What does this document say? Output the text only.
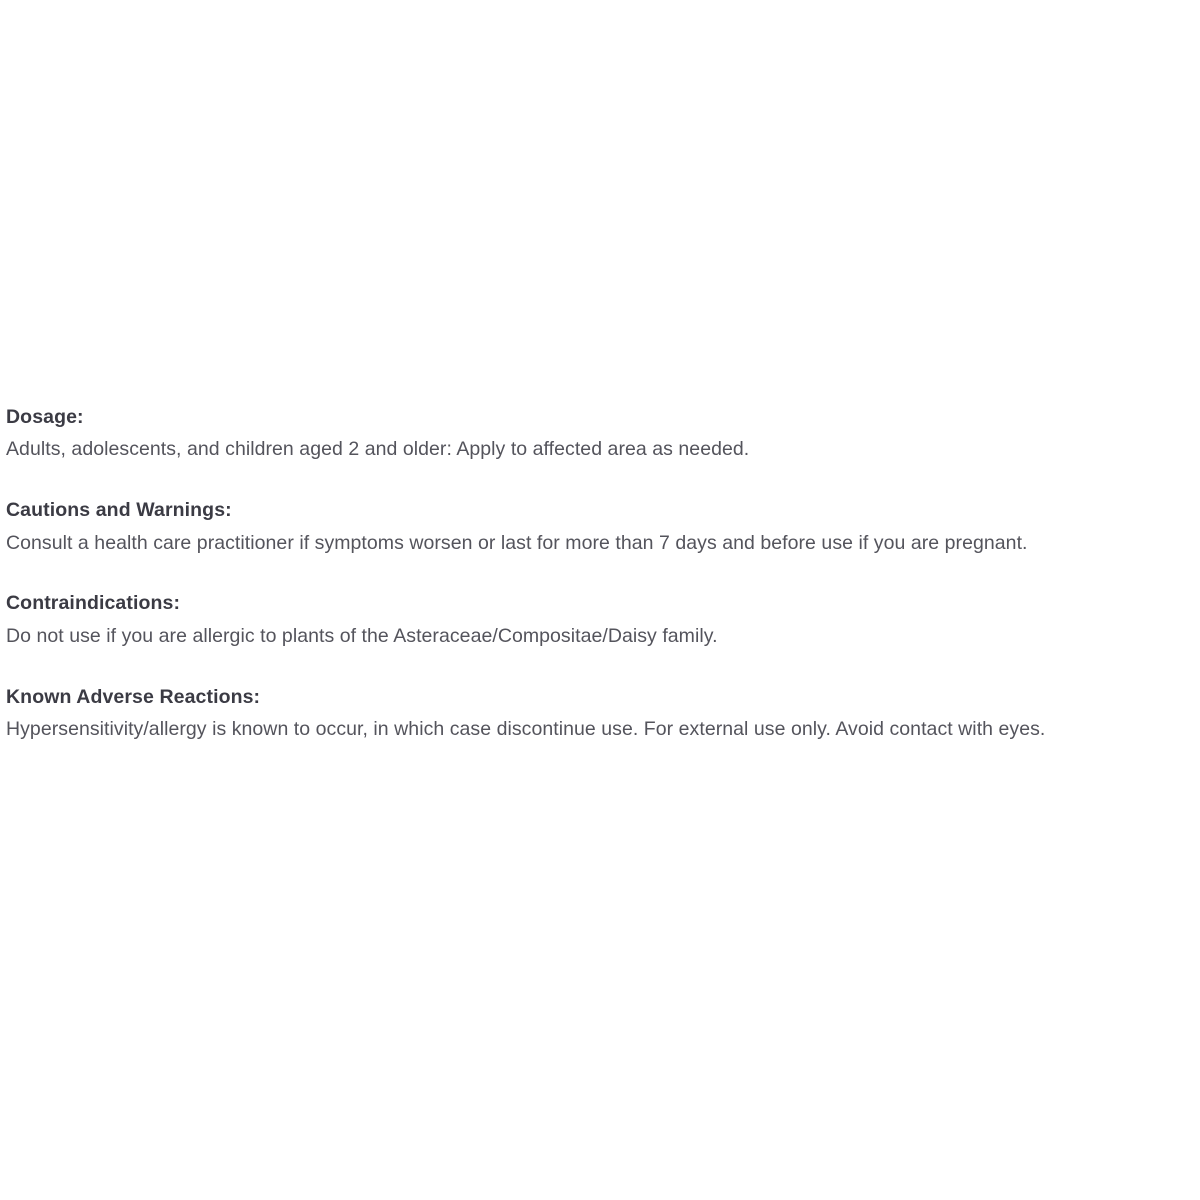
Dosage:

Adults, adolescents, and children aged 2 and older: Apply to affected area as needed.

Cautions and Warnings:

Consult a health care practitioner if symptoms worsen or last for more than 7 days and before use if you are pregnant.

Contraindications:

Do not use if you are allergic to plants of the Asteraceae/Compositae/Daisy family.

Known Adverse Reactions:

Hypersensitivity/allergy is known to occur, in which case discontinue use. For external use only. Avoid contact with eyes.
